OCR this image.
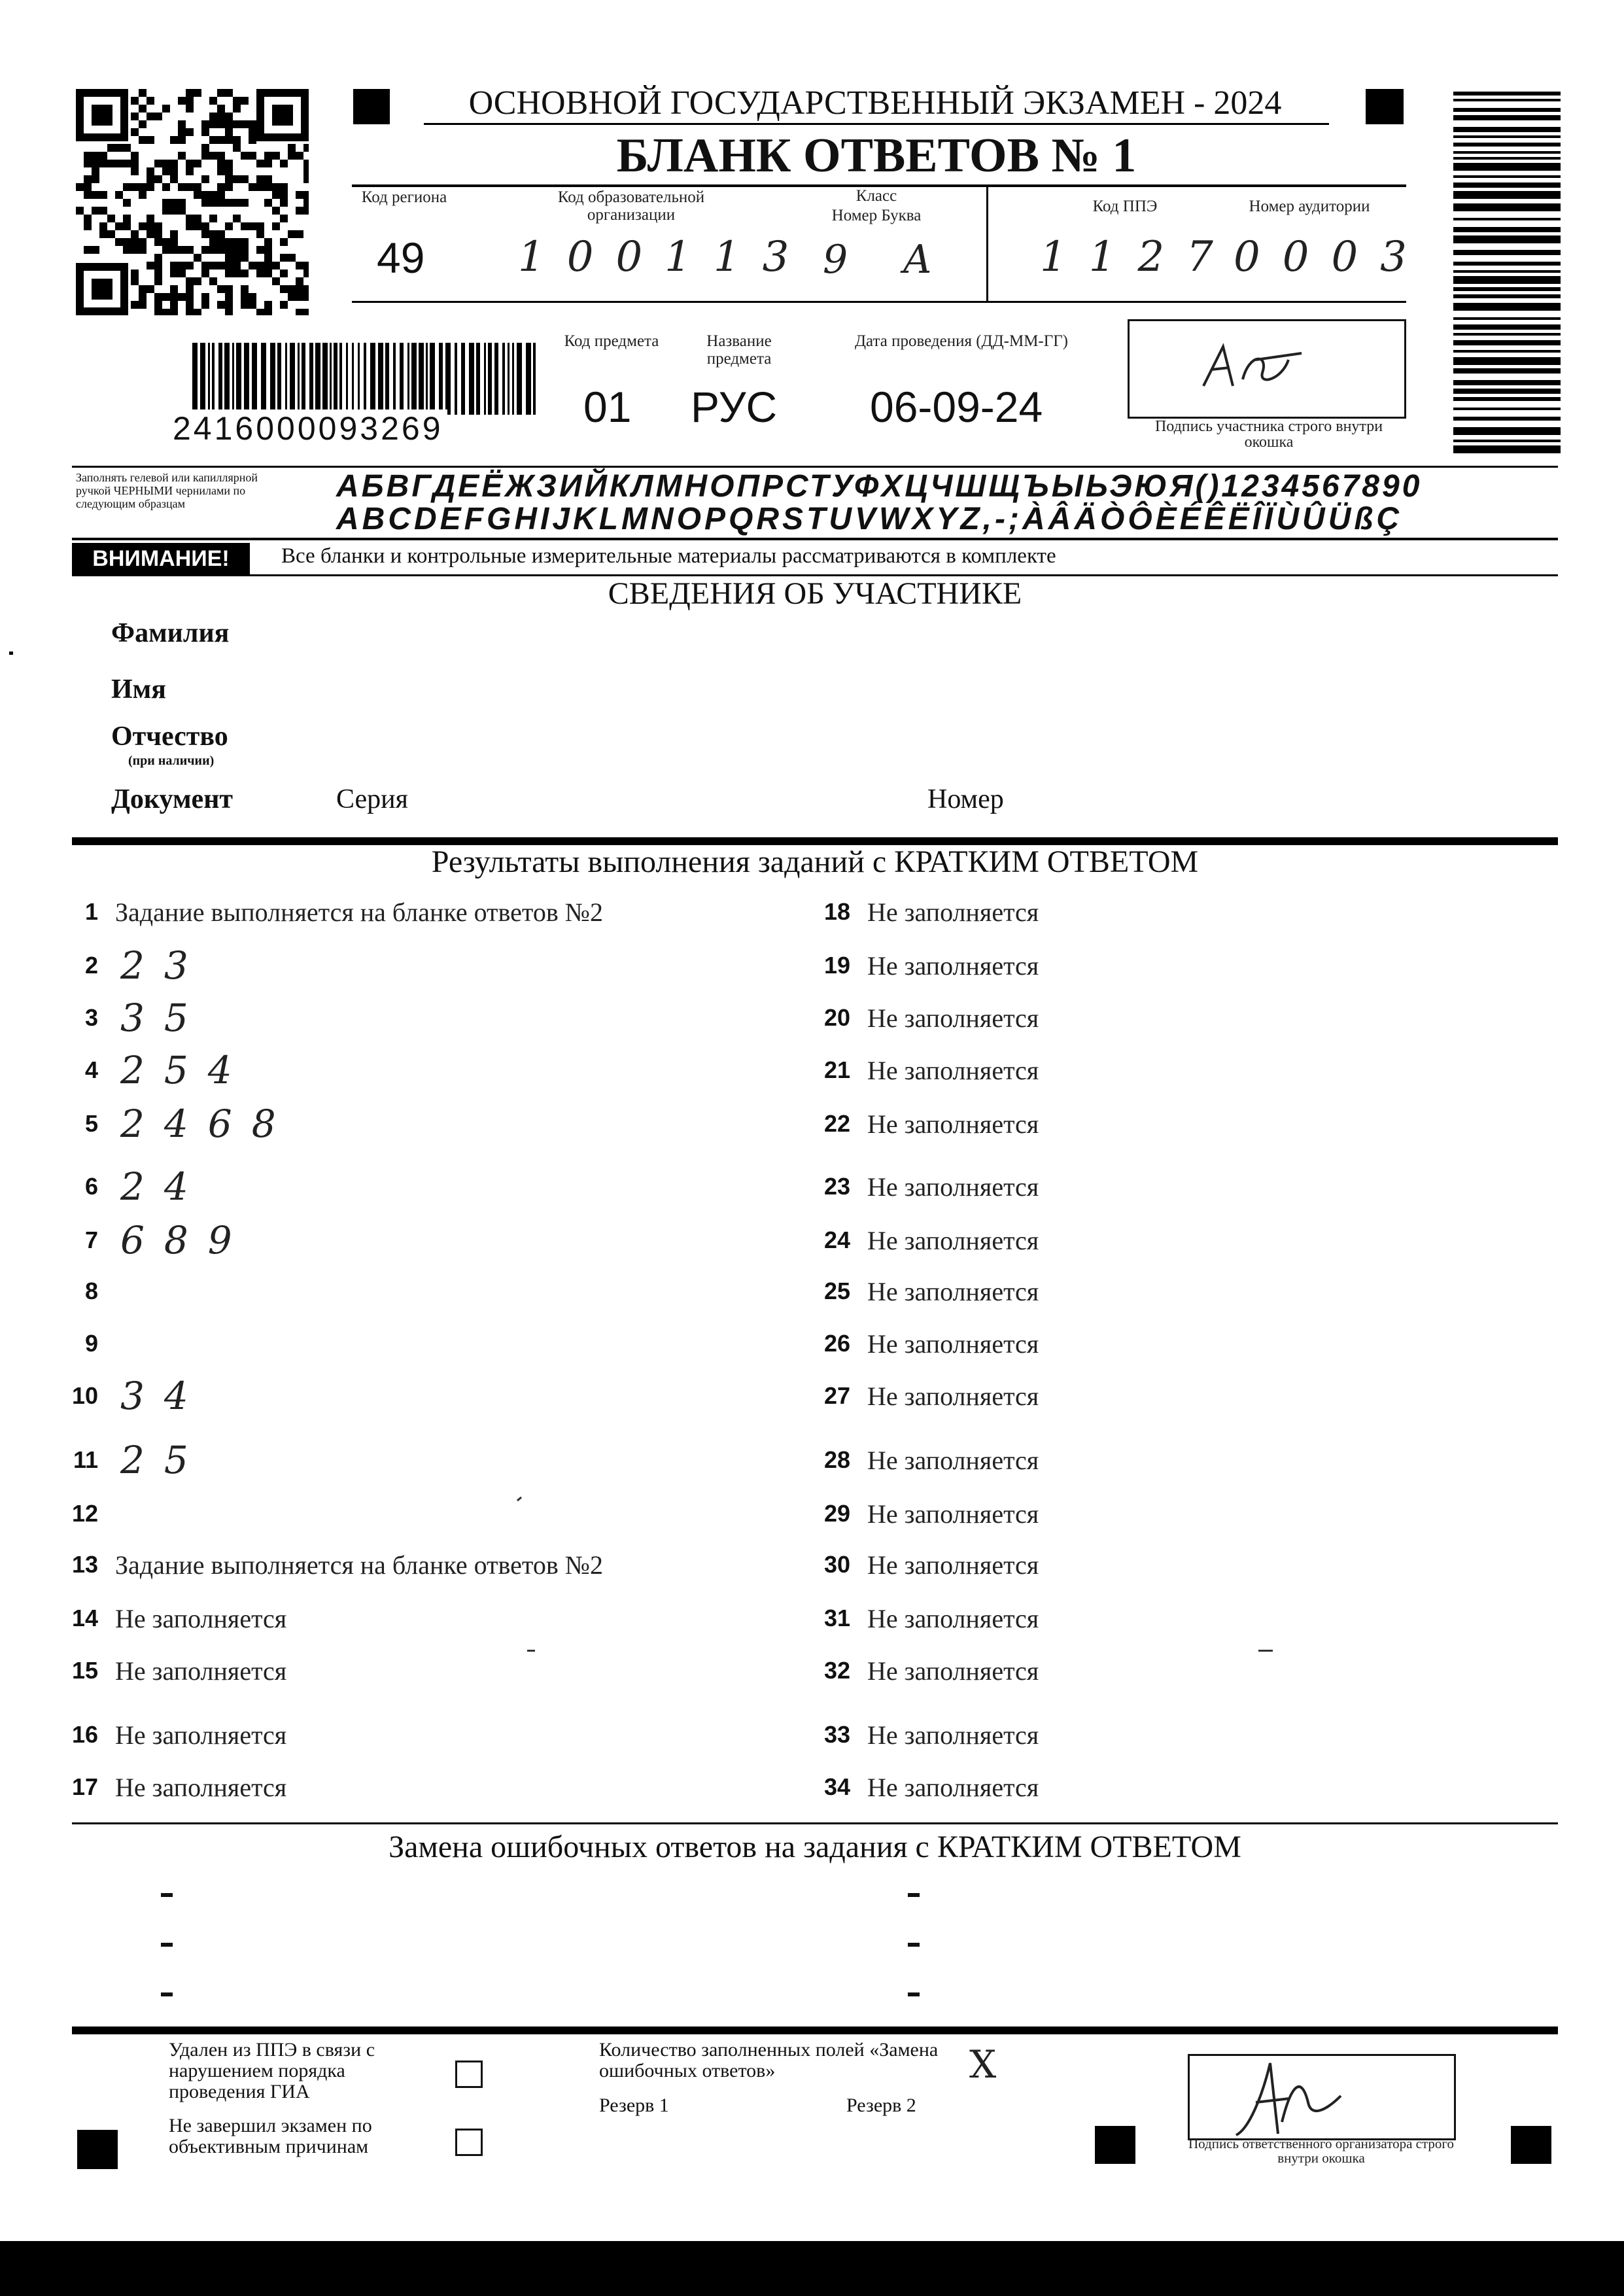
ОСНОВНОЙ ГОСУДАРСТВЕННЫЙ ЭКЗАМЕН - 2024
БЛАНК ОТВЕТОВ № 1
Код региона
49
Код образовательной организации
100113
Класс
Номер Буква
9 А
Код ППЭ
1127
Номер аудитории
0003
2416000093269
Код предмета
01
Название предмета
РУС
Дата проведения (ДД-ММ-ГГ)
06-09-24	Подпись участника строго внутри окошка
Заполнять гелевой или капиллярной ручкой ЧЕРНЫМИ чернилами по следующим образцам	АБВГДЕЁЖЗИЙКЛМНОПРСТУФХЦЧШЩЪЫЬЭЮЯ()1234567890
ABCDEFGHIJKLMNOPQRSTUVWXYZ,-;ÀÂÄÒÔÈÉÊËÎÏÙÛÜßÇ
ВНИМАНИЕ!	Все бланки и контрольные измерительные материалы рассматриваются в комплекте
СВЕДЕНИЯ ОБ УЧАСТНИКЕ
Фамилия
Имя
Отчество
(при наличии)
Документ	Серия	Номер
Результаты выполнения заданий с КРАТКИМ ОТВЕТОМ
1 Задание выполняется на бланке ответов №2
2 23
3 35
4 254
5 2468
6 24
7 689
8
9
10 34
11 25
12
13 Задание выполняется на бланке ответов №2
14 Не заполняется
15 Не заполняется
16 Не заполняется
17 Не заполняется
18 Не заполняется
19 Не заполняется
20 Не заполняется
21 Не заполняется
22 Не заполняется
23 Не заполняется
24 Не заполняется
25 Не заполняется
26 Не заполняется
27 Не заполняется
28 Не заполняется
29 Не заполняется
30 Не заполняется
31 Не заполняется
32 Не заполняется
33 Не заполняется
34 Не заполняется
Замена ошибочных ответов на задания с КРАТКИМ ОТВЕТОМ
Удален из ППЭ в связи с нарушением порядка проведения ГИА
Не завершил экзамен по объективным причинам
Количество заполненных полей «Замена ошибочных ответов»	X
Резерв 1	Резерв 2
Подпись ответственного организатора строго внутри окошка
